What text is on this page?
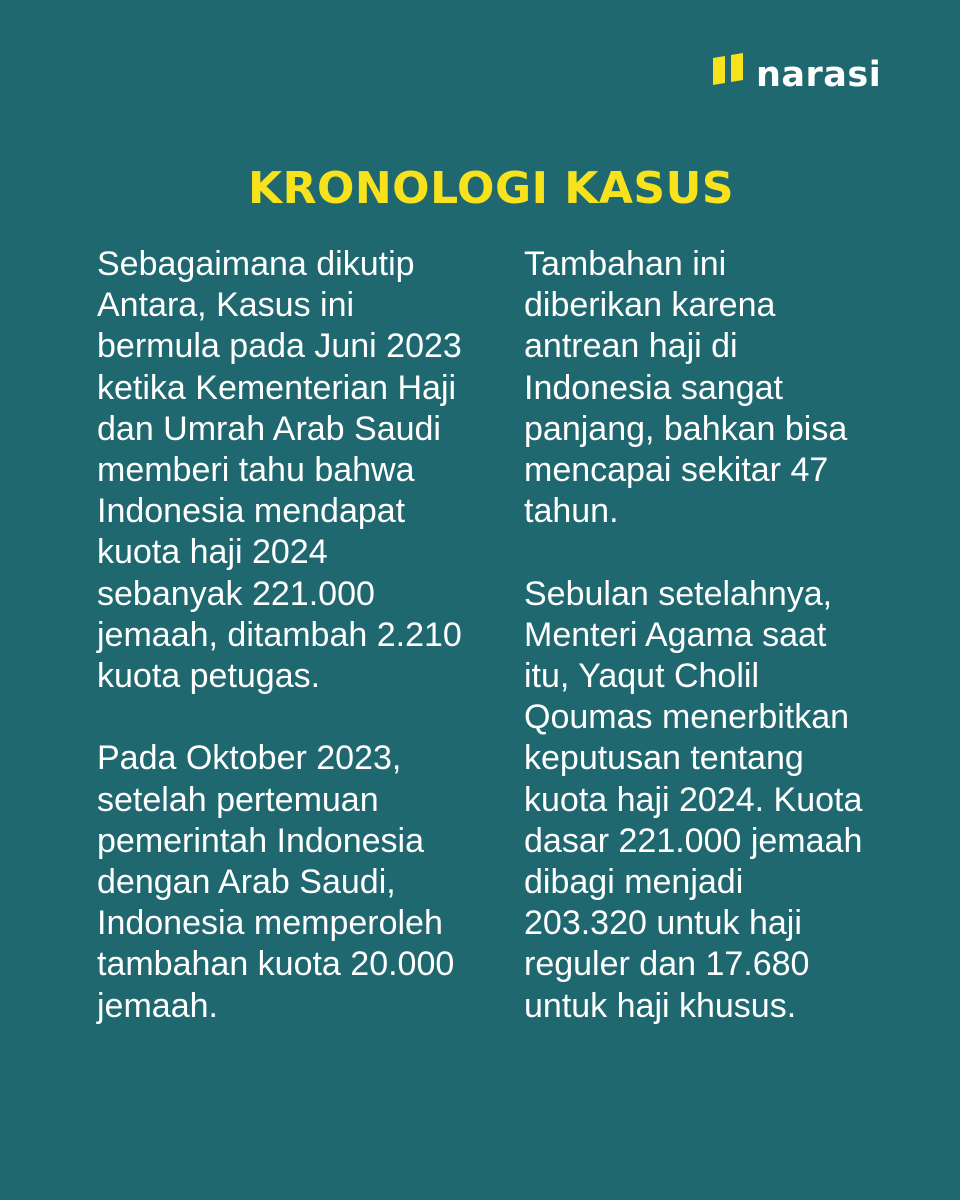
narasi
KRONOLOGI KASUS

Sebagaimana dikutip
Antara, Kasus ini
bermula pada Juni 2023
ketika Kementerian Haji
dan Umrah Arab Saudi
memberi tahu bahwa
Indonesia mendapat
kuota haji 2024
sebanyak 221.000
jemaah, ditambah 2.210
kuota petugas.

Pada Oktober 2023,
setelah pertemuan
pemerintah Indonesia
dengan Arab Saudi,
Indonesia memperoleh
tambahan kuota 20.000
jemaah.

Tambahan ini
diberikan karena
antrean haji di
Indonesia sangat
panjang, bahkan bisa
mencapai sekitar 47
tahun.

Sebulan setelahnya,
Menteri Agama saat
itu, Yaqut Cholil
Qoumas menerbitkan
keputusan tentang
kuota haji 2024. Kuota
dasar 221.000 jemaah
dibagi menjadi
203.320 untuk haji
reguler dan 17.680
untuk haji khusus.
